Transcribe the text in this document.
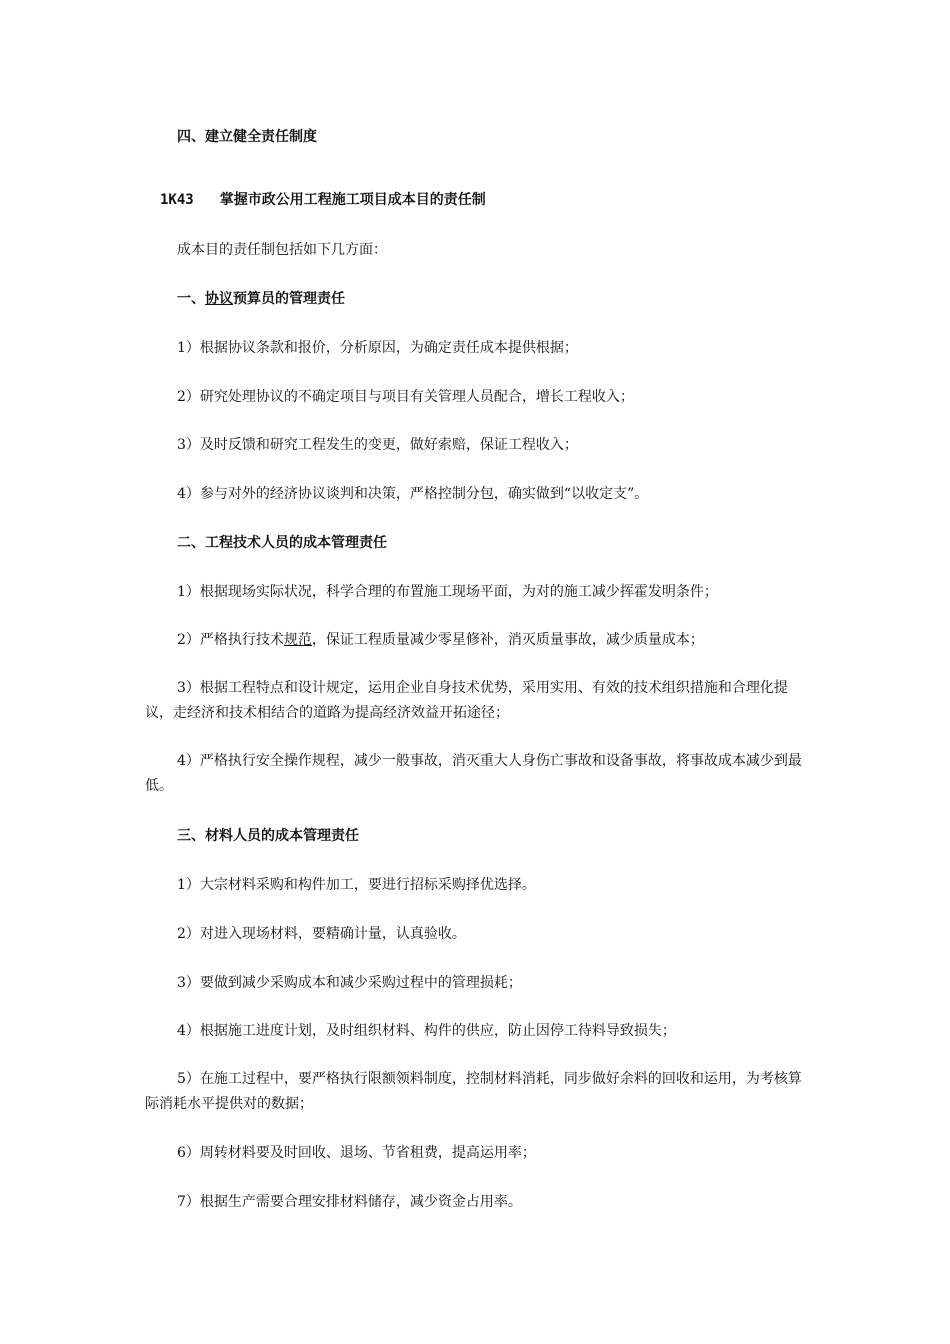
四、建立健全责任制度
1K43 掌握市政公用工程施工项目成本目的责任制
成本目的责任制包括如下几方面：
一、协议预算员的管理责任
1）根据协议条款和报价，分析原因，为确定责任成本提供根据；
2）研究处理协议的不确定项目与项目有关管理人员配合，增长工程收入；
3）及时反馈和研究工程发生的变更，做好索赔，保证工程收入；
4）参与对外的经济协议谈判和决策，严格控制分包，确实做到“以收定支”。
二、工程技术人员的成本管理责任
1）根据现场实际状况，科学合理的布置施工现场平面，为对的施工减少挥霍发明条件；
2）严格执行技术规范，保证工程质量减少零星修补，消灭质量事故，减少质量成本；
3）根据工程特点和设计规定，运用企业自身技术优势，采用实用、有效的技术组织措施和合理化提议，走经济和技术相结合的道路为提高经济效益开拓途径；
4）严格执行安全操作规程，减少一般事故，消灭重大人身伤亡事故和设备事故，将事故成本减少到最低。
三、材料人员的成本管理责任
1）大宗材料采购和构件加工，要进行招标采购择优选择。
2）对进入现场材料，要精确计量，认真验收。
3）要做到减少采购成本和减少采购过程中的管理损耗；
4）根据施工进度计划，及时组织材料、构件的供应，防止因停工待料导致损失；
5）在施工过程中，要严格执行限额领料制度，控制材料消耗，同步做好余料的回收和运用，为考核算际消耗水平提供对的数据；
6）周转材料要及时回收、退场、节省租费，提高运用率；
7）根据生产需要合理安排材料储存，减少资金占用率。
